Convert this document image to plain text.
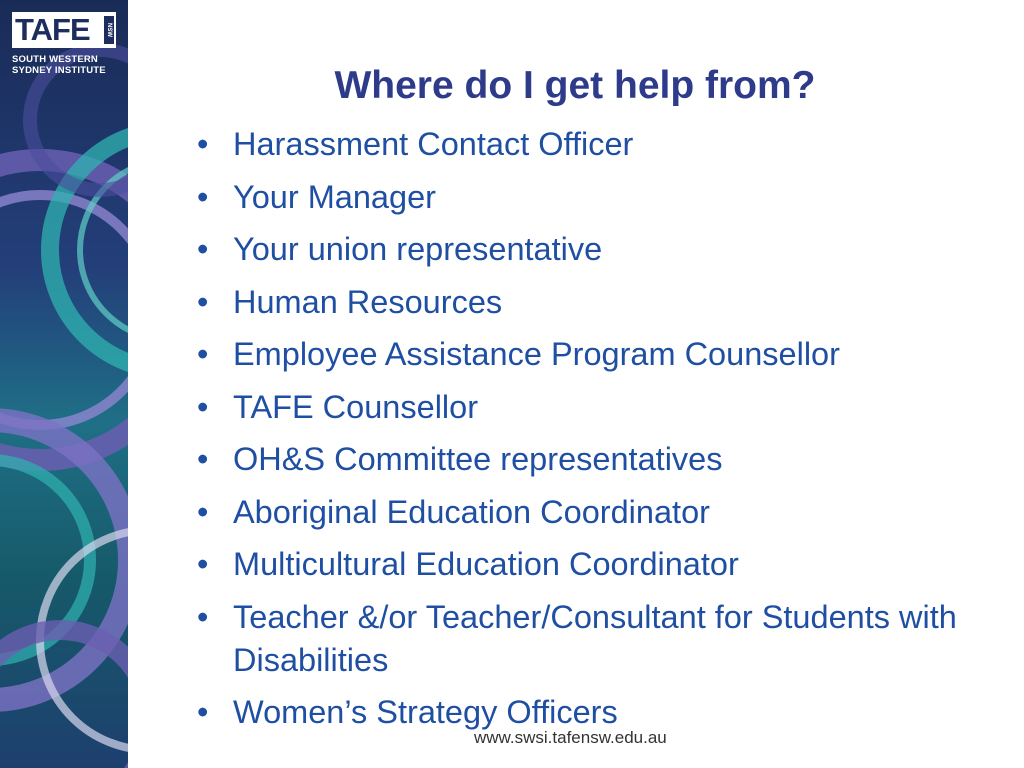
TAFE	NSW
SOUTH WESTERN
SYDNEY INSTITUTE	Where do I get help from?
• Harassment Contact Officer
• Your Manager
• Your union representative
• Human Resources
• Employee Assistance Program Counsellor
• TAFE Counsellor
• OH&S Committee representatives
• Aboriginal Education Coordinator
• Multicultural Education Coordinator
• Teacher &/or Teacher/Consultant for Students with Disabilities
• Women’s Strategy Officers
www.swsi.tafensw.edu.au
